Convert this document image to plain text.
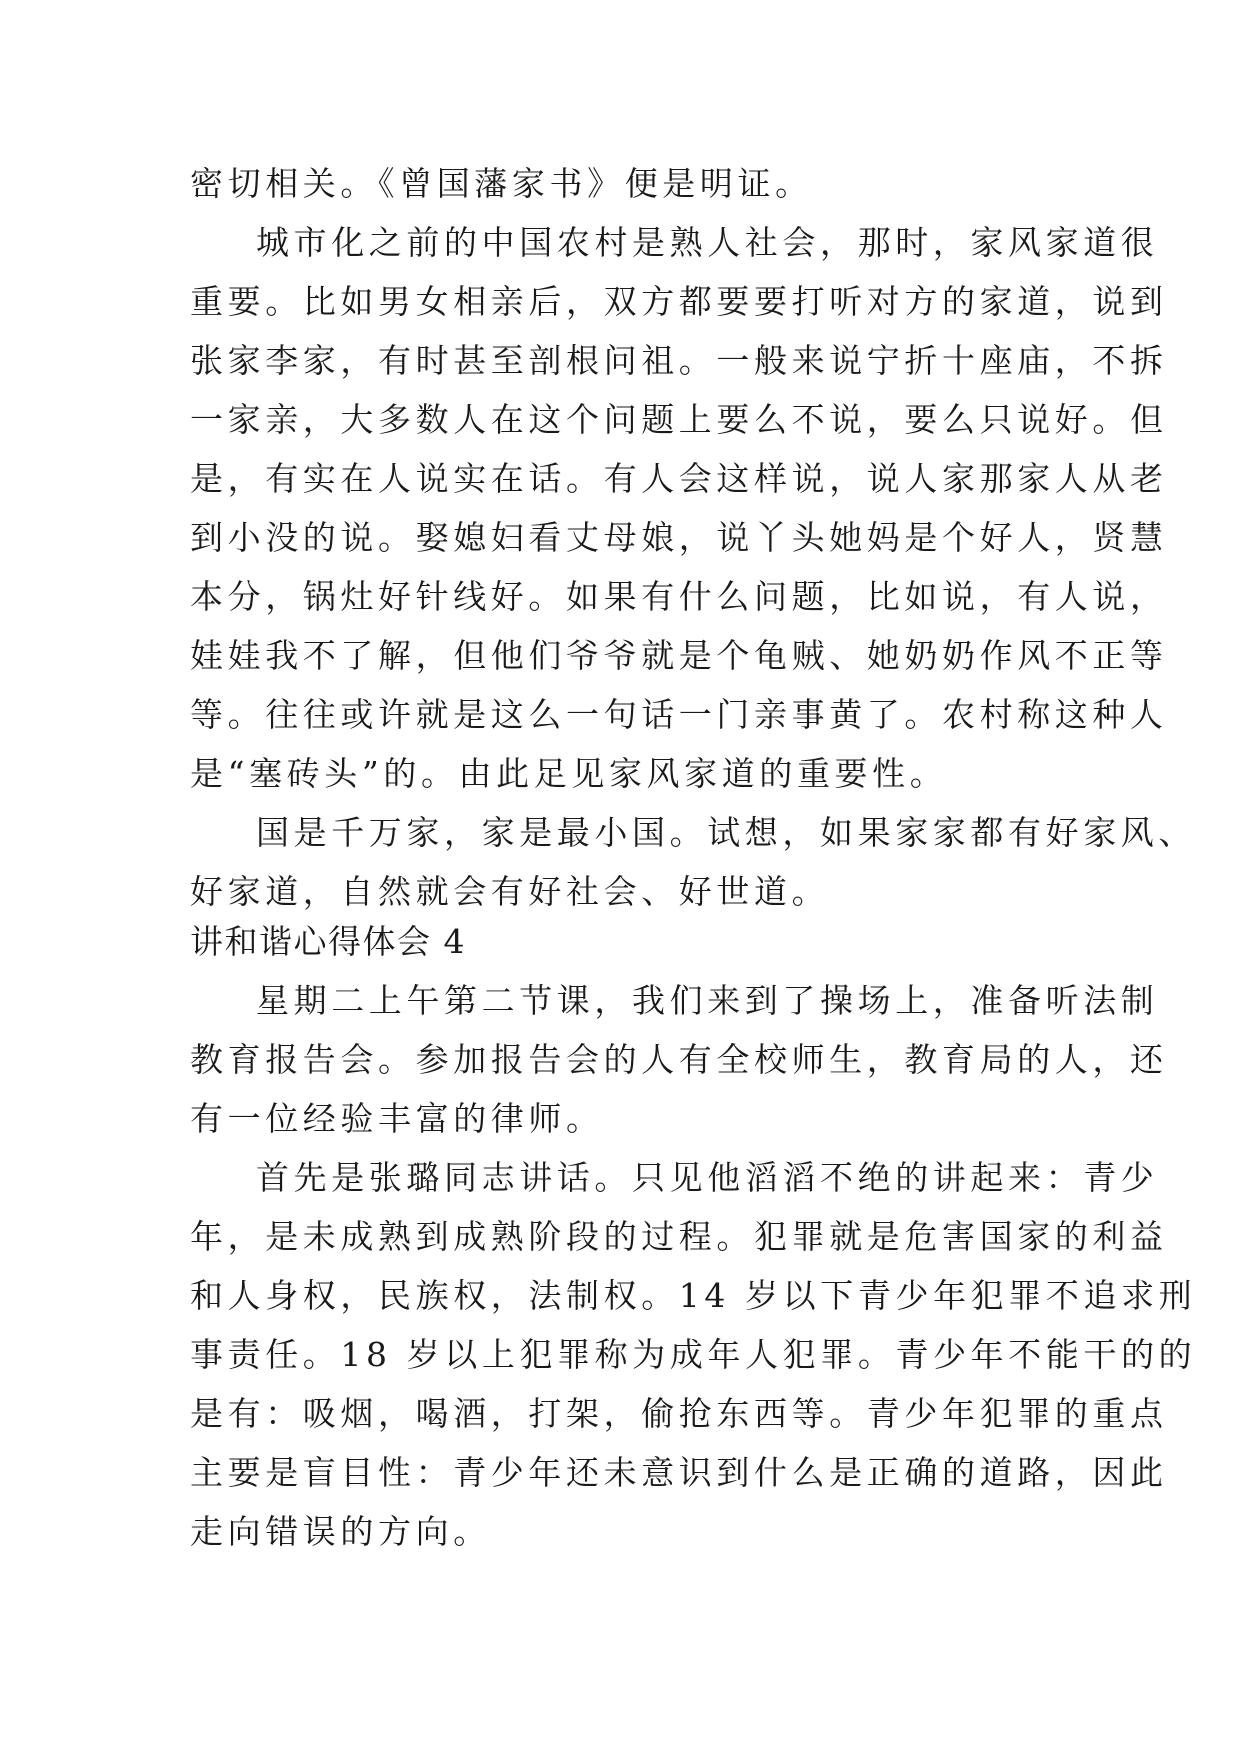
密切相关。《曾国藩家书》便是明证。
城市化之前的中国农村是熟人社会，那时，家风家道很
重要。比如男女相亲后，双方都要要打听对方的家道，说到
张家李家，有时甚至剖根问祖。一般来说宁折十座庙，不拆
一家亲，大多数人在这个问题上要么不说，要么只说好。但
是，有实在人说实在话。有人会这样说，说人家那家人从老
到小没的说。娶媳妇看丈母娘，说丫头她妈是个好人，贤慧
本分，锅灶好针线好。如果有什么问题，比如说，有人说，
娃娃我不了解，但他们爷爷就是个龟贼、她奶奶作风不正等
等。往往或许就是这么一句话一门亲事黄了。农村称这种人
是“塞砖头”的。由此足见家风家道的重要性。
国是千万家，家是最小国。试想，如果家家都有好家风、
好家道，自然就会有好社会、好世道。
讲和谐心得体会 4
星期二上午第二节课，我们来到了操场上，准备听法制
教育报告会。参加报告会的人有全校师生，教育局的人，还
有一位经验丰富的律师。
首先是张璐同志讲话。只见他滔滔不绝的讲起来：青少
年，是未成熟到成熟阶段的过程。犯罪就是危害国家的利益
和人身权，民族权，法制权。14 岁以下青少年犯罪不追求刑
事责任。18 岁以上犯罪称为成年人犯罪。青少年不能干的的
是有：吸烟，喝酒，打架，偷抢东西等。青少年犯罪的重点
主要是盲目性：青少年还未意识到什么是正确的道路，因此
走向错误的方向。
